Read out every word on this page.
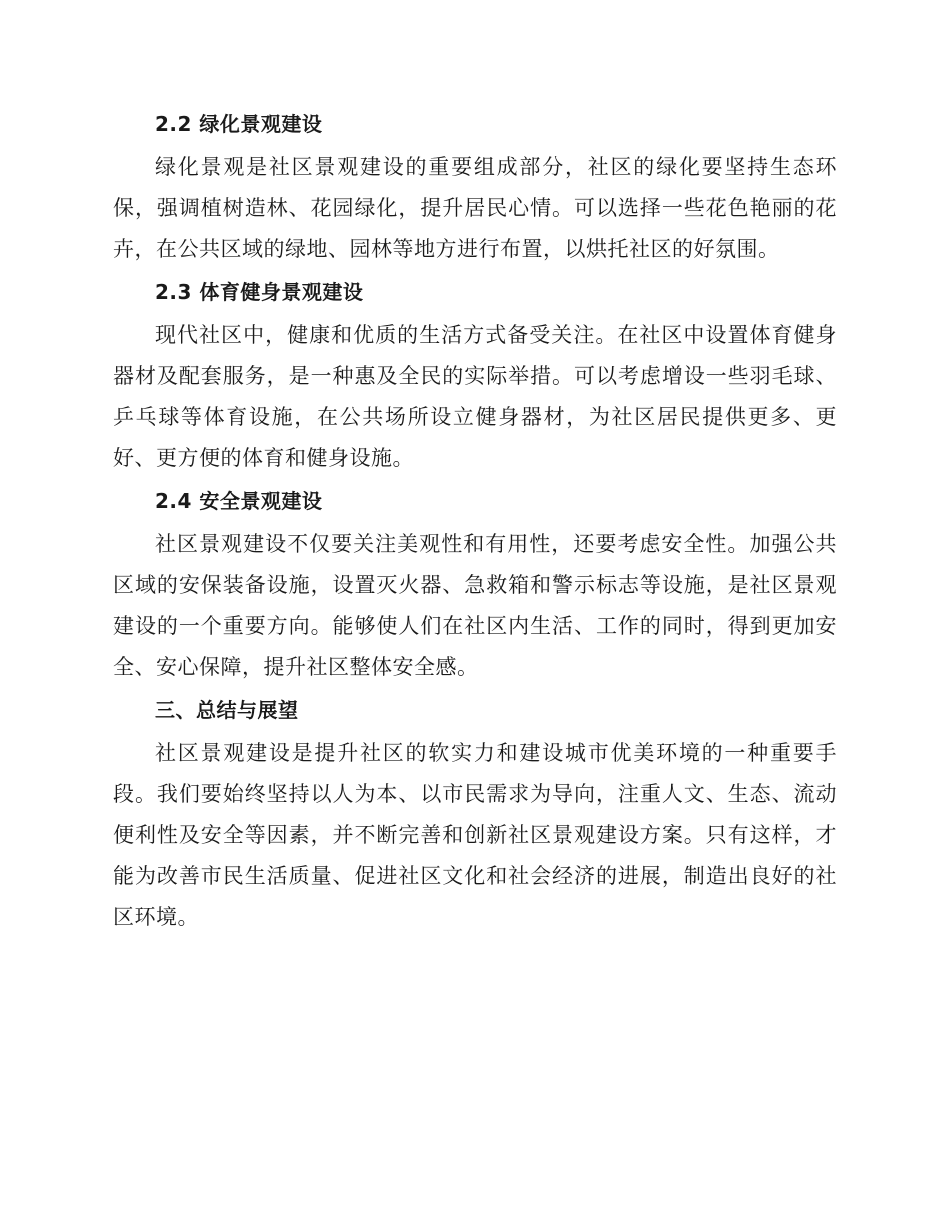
2.2 绿化景观建设

绿化景观是社区景观建设的重要组成部分，社区的绿化要坚持生态环保，强调植树造林、花园绿化，提升居民心情。可以选择一些花色艳丽的花卉，在公共区域的绿地、园林等地方进行布置，以烘托社区的好氛围。

2.3 体育健身景观建设

现代社区中，健康和优质的生活方式备受关注。在社区中设置体育健身器材及配套服务，是一种惠及全民的实际举措。可以考虑增设一些羽毛球、乒乓球等体育设施，在公共场所设立健身器材，为社区居民提供更多、更好、更方便的体育和健身设施。

2.4 安全景观建设

社区景观建设不仅要关注美观性和有用性，还要考虑安全性。加强公共区域的安保装备设施，设置灭火器、急救箱和警示标志等设施，是社区景观建设的一个重要方向。能够使人们在社区内生活、工作的同时，得到更加安全、安心保障，提升社区整体安全感。

三、总结与展望

社区景观建设是提升社区的软实力和建设城市优美环境的一种重要手段。我们要始终坚持以人为本、以市民需求为导向，注重人文、生态、流动便利性及安全等因素，并不断完善和创新社区景观建设方案。只有这样，才能为改善市民生活质量、促进社区文化和社会经济的进展，制造出良好的社区环境。
